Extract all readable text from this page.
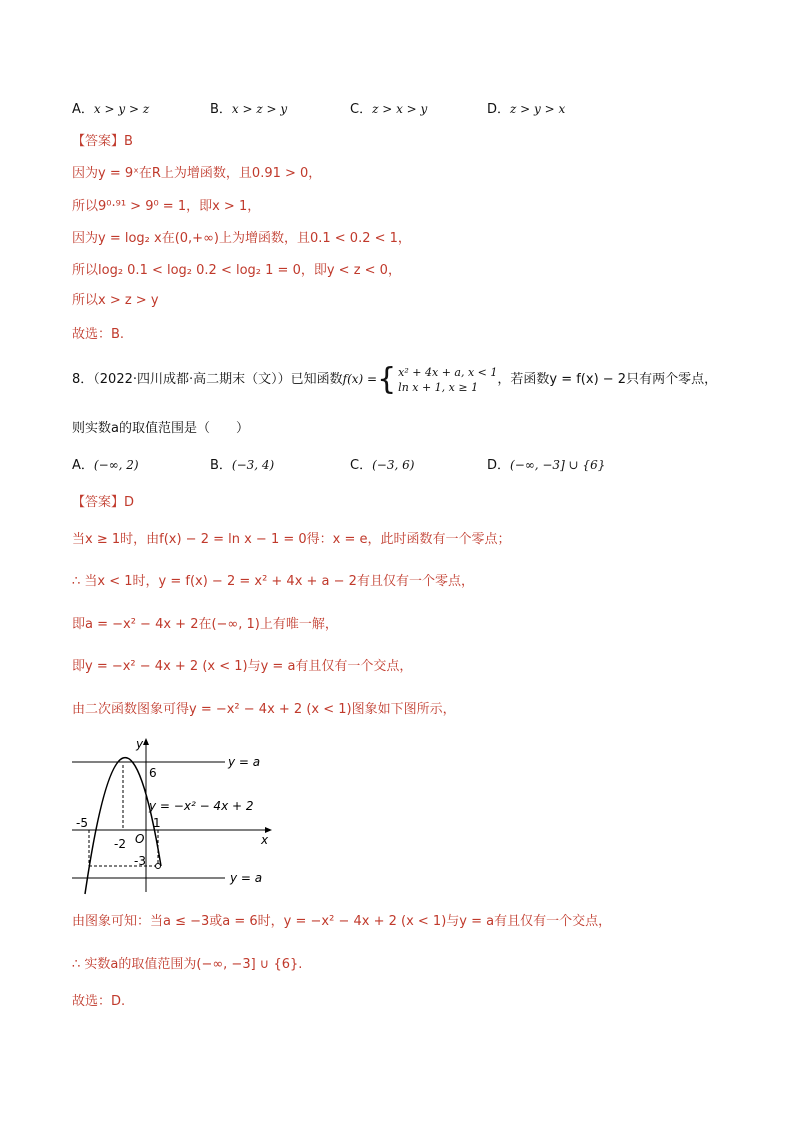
A．x > y > z	B．x > z > y	C．z > x > y	D．z > y > x
【答案】B
因为y = 9ˣ在R上为增函数，且0.91 > 0，
所以9⁰·⁹¹ > 9⁰ = 1，即x > 1，
因为y = log₂ x在(0,+∞)上为增函数，且0.1 < 0.2 < 1，
所以log₂ 0.1 < log₂ 0.2 < log₂ 1 = 0，即y < z < 0，
所以x > z > y
故选：B.
8．（2022·四川成都·高二期末（文））已知函数f(x) ={ x² + 4x + a, x < 1
ln x + 1, x ≥ 1 ，若函数y = f(x) − 2只有两个零点，
则实数a的取值范围是（　　）
A．(−∞, 2)	B．(−3, 4)	C．(−3, 6)	D．(−∞, −3] ∪ {6}
【答案】D
当x ≥ 1时，由f(x) − 2 = ln x − 1 = 0得：x = e，此时函数有一个零点；
∴ 当x < 1时，y = f(x) − 2 = x² + 4x + a − 2有且仅有一个零点，
即a = −x² − 4x + 2在(−∞, 1)上有唯一解，
即y = −x² − 4x + 2 (x < 1)与y = a有且仅有一个交点，
由二次函数图象可得y = −x² − 4x + 2 (x < 1)图象如下图所示，
y
x
O
y = a
y = a
y = −x² − 4x + 2
6
1
-2
-3
-5
由图象可知：当a ≤ −3或a = 6时，y = −x² − 4x + 2 (x < 1)与y = a有且仅有一个交点，
∴ 实数a的取值范围为(−∞, −3] ∪ {6}.
故选：D.
